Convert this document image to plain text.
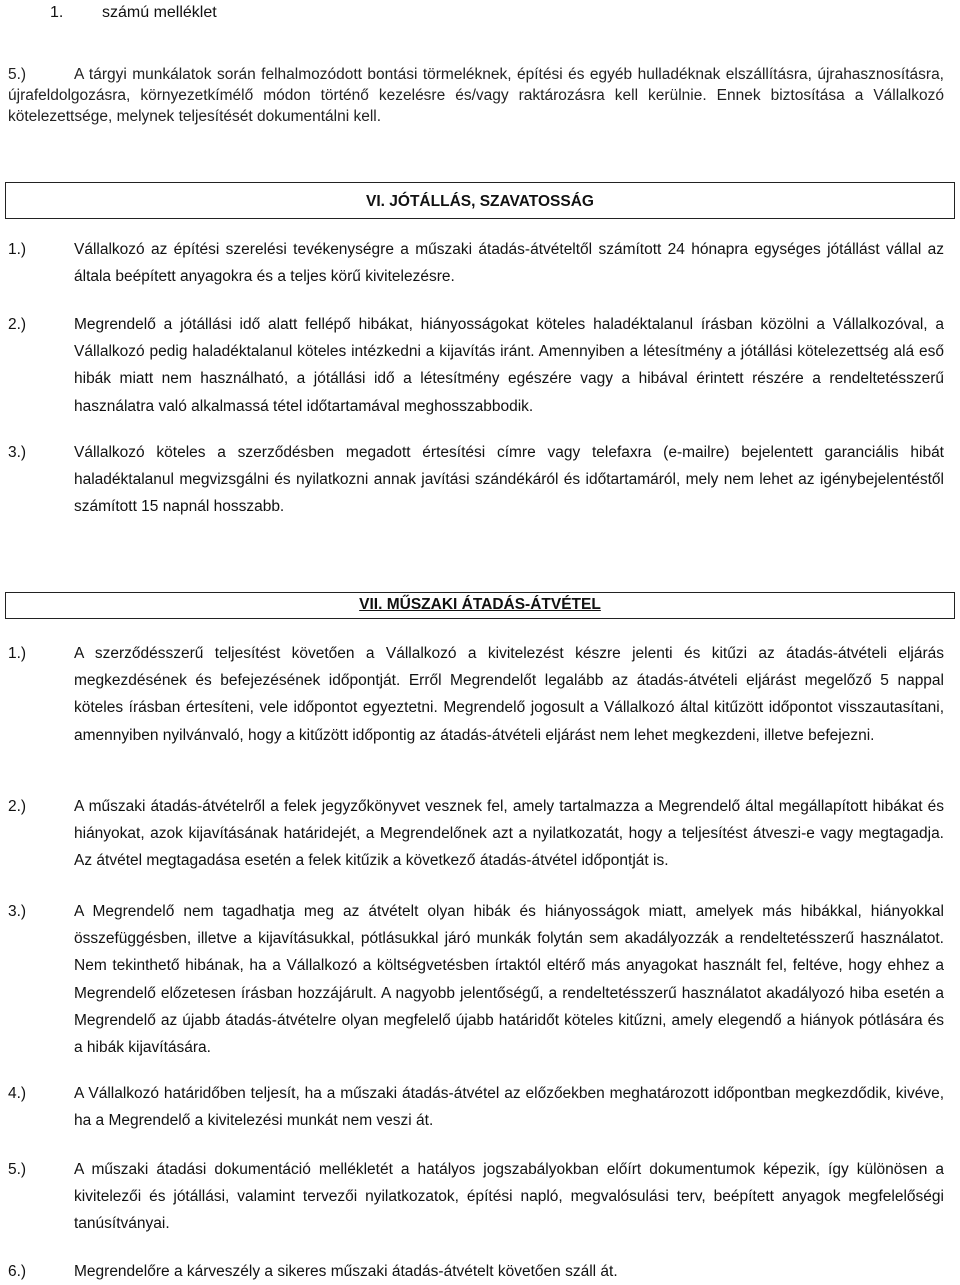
1. számú melléklet
5.)	A tárgyi munkálatok során felhalmozódott bontási törmeléknek, építési és egyéb hulladéknak elszállításra, újrahasznosításra, újrafeldolgozásra, környezetkímélő módon történő kezelésre és/vagy raktározásra kell kerülnie. Ennek biztosítása a Vállalkozó kötelezettsége, melynek teljesítését dokumentálni kell.
VI. JÓTÁLLÁS, SZAVATOSSÁG
1.)	Vállalkozó az építési szerelési tevékenységre a műszaki átadás-átvételtől számított 24 hónapra egységes jótállást vállal az általa beépített anyagokra és a teljes körű kivitelezésre.
2.)	Megrendelő a jótállási idő alatt fellépő hibákat, hiányosságokat köteles haladéktalanul írásban közölni a Vállalkozóval, a Vállalkozó pedig haladéktalanul köteles intézkedni a kijavítás iránt. Amennyiben a létesítmény a jótállási kötelezettség alá eső hibák miatt nem használható, a jótállási idő a létesítmény egészére vagy a hibával érintett részére a rendeltetésszerű használatra való alkalmassá tétel időtartamával meghosszabbodik.
3.)	Vállalkozó köteles a szerződésben megadott értesítési címre vagy telefaxra (e-mailre) bejelentett garanciális hibát haladéktalanul megvizsgálni és nyilatkozni annak javítási szándékáról és időtartamáról, mely nem lehet az igénybejelentéstől számított 15 napnál hosszabb.
VII. MŰSZAKI ÁTADÁS-ÁTVÉTEL
1.)	A szerződésszerű teljesítést követően a Vállalkozó a kivitelezést készre jelenti és kitűzi az átadás-átvételi eljárás megkezdésének és befejezésének időpontját. Erről Megrendelőt legalább az átadás-átvételi eljárást megelőző 5 nappal köteles írásban értesíteni, vele időpontot egyeztetni. Megrendelő jogosult a Vállalkozó által kitűzött időpontot visszautasítani, amennyiben nyilvánvaló, hogy a kitűzött időpontig az átadás-átvételi eljárást nem lehet megkezdeni, illetve befejezni.
2.)	A műszaki átadás-átvételről a felek jegyzőkönyvet vesznek fel, amely tartalmazza a Megrendelő által megállapított hibákat és hiányokat, azok kijavításának határidejét, a Megrendelőnek azt a nyilatkozatát, hogy a teljesítést átveszi-e vagy megtagadja. Az átvétel megtagadása esetén a felek kitűzik a következő átadás-átvétel időpontját is.
3.)	A Megrendelő nem tagadhatja meg az átvételt olyan hibák és hiányosságok miatt, amelyek más hibákkal, hiányokkal összefüggésben, illetve a kijavításukkal, pótlásukkal járó munkák folytán sem akadályozzák a rendeltetésszerű használatot. Nem tekinthető hibának, ha a Vállalkozó a költségvetésben írtaktól eltérő más anyagokat használt fel, feltéve, hogy ehhez a Megrendelő előzetesen írásban hozzájárult. A nagyobb jelentőségű, a rendeltetésszerű használatot akadályozó hiba esetén a Megrendelő az újabb átadás-átvételre olyan megfelelő újabb határidőt köteles kitűzni, amely elegendő a hiányok pótlására és a hibák kijavítására.
4.)	A Vállalkozó határidőben teljesít, ha a műszaki átadás-átvétel az előzőekben meghatározott időpontban megkezdődik, kivéve, ha a Megrendelő a kivitelezési munkát nem veszi át.
5.)	A műszaki átadási dokumentáció mellékletét a hatályos jogszabályokban előírt dokumentumok képezik, így különösen a kivitelezői és jótállási, valamint tervezői nyilatkozatok, építési napló, megvalósulási terv, beépített anyagok megfelelőségi tanúsítványai.
6.)	Megrendelőre a kárveszély a sikeres műszaki átadás-átvételt követően száll át.
